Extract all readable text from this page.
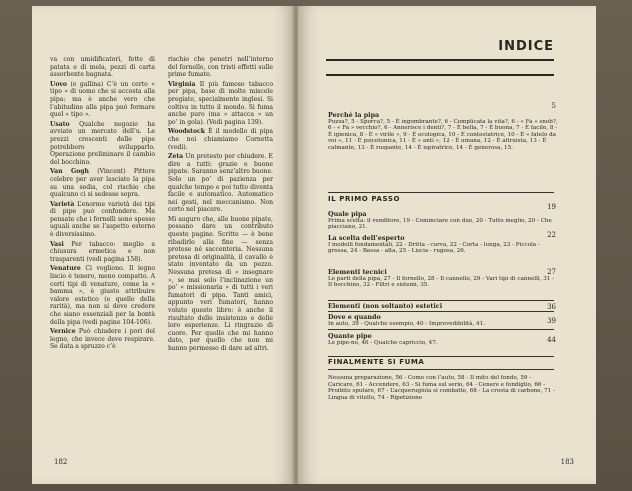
va con umidificatori, fette di patata e di mela, pezzi di carta assorbente bagnata.

Uovo (e gallina) C’è un certo « tipo » di uomo che si accosta alla pipa: ma è anche vero che l’abitudine alla pipa può formare quel « tipo ».

Usato Qualche negozio ha avviato un mercato dell’u. Le prezzi crescenti delle pipe potrebbero svilupparlo. Operazione preliminare il cambio del bocchino.

Van Gogh (Vincent) Pittore celebre per aver lasciato la pipa su una sedia, col rischio che qualcuno ci si sedesse sopra.

Varietà L’enorme varietà dei tipi di pipe può confondere. Ma pensate che i fornelli sono spesso uguali anche se l’aspetto esterno è diversissimo.

Vasi Per tabacco: meglio a chiusura ermetica e non trasparenti (vedi pagina 158).

Venature Ci vogliono. Il legno liscio è tenero, meno compatto. A certi tipi di venature, come la « bamma », è giusto attribuire valore estetico (e quello della rarità), ma non si deve credere che siano essenziali per la bontà della pipa (vedi pagine 104-106).

Vernice Può chiudere i pori del legno, che invece deve respirare. Se data a spruzzo c’è

rischio che penetri nell’interno del fornello, con tristi effetti sulle prime fumate.

Virginia Il più famoso tabacco per pipa, base di molte miscele pregiate, specialmente inglesi. Si coltiva in tutto il mondo. Si fuma anche puro (ma « attacca » un po’ in gola). (Vedi pagina 139).

Woodstock È il modello di pipa che noi chiamiamo Cornetta (vedi).

Zeta Un pretesto per chiudere. E dire a tutti: grazie e buone pipate. Saranno senz’altro buone. Solo un po’ di pazienza per qualche tempo e poi tutto diventa facile e automatico. Automatico nei gesti, nel meccanismo. Non certo nel piacere.

Mi auguro che, alle buone pipate, possano dare un contributo queste pagine. Scritte — è bene ribadirlo alla fine — senza pretese né saccenteria. Nessuna pretesa di originalità, il cavallo è stato inventato da un pezzo. Nessuna pretesa di « insegnare », se mai solo l’inclinazione un po’ « missionaria » di tutti i veri fumatori di pipa. Tanti amici, appunto veri fumatori, hanno voluto questo libro: è anche il risultato delle insistenze e delle loro esperienze. Li ringrazio di cuore. Per quello che mi hanno dato, per quello che non mi hanno permesso di dare ad altri.

182
INDICE
5
Perché la pipa
Puzza?, 5 - Sporca?, 5 - È ingombrante?, 6 - Complicata la vita?, 6 - « Fa » snob?, 6 - « Fa » vecchio?, 6 - Anneriscе i denti?, 7 - È bella, 7 - È buona, 7 - È facile, 8 - È igienica, 8 - È « virile », 9 - È ecologica, 10 - È contestatrice, 10 - È « fatelo da voi », 11 - È psicotonica, 11 - È « anti », 12 - È umana, 12 - È altruista, 13 - È calmante, 13 - È ruspante, 14 - È ispiratrice, 14 - È generosa, 15.
IL PRIMO PASSO
19
Quale pipa
Prima scelta: il venditore, 19 - Cominciare con due, 20 - Tutto meglio, 20 - Che piacciano, 21.
22
La scelta dell’esperto
I modelli fondamentali, 22 - Dritta - curva, 22 - Corta - lunga, 23 - Piccola - grossa, 24 - Bassa - alta, 25 - Liscia - rugosa, 26.
27
Elementi tecnici
Le parti della pipa, 27 - Il fornello, 28 - Il cannello, 29 - Vari tipi di cannelli, 31 - Il bocchino, 32 - Filtri e sistemi, 35.
36
Elementi (non soltanto) estetici
39
Dove e quando
In auto, 39 - Qualche esempio, 40 - Imprevedibilità, 41.
44
Quante pipe
Le pipe-no, 46 - Qualche capriccio, 47.
FINALMENTE SI FUMA
Nessuna preparazione, 56 - Come con l’auto, 58 - Il mito del fondo, 59 - Caricare, 61 - Accendere, 63 - Si fuma sul serio, 64 - Cenere e fondiglio, 66 - Proibito sputare, 67 - L’acquerugiola si combatte, 68 - La crosta di carbone, 71 - Lingua di vitello, 74 - Ripetizione
183
